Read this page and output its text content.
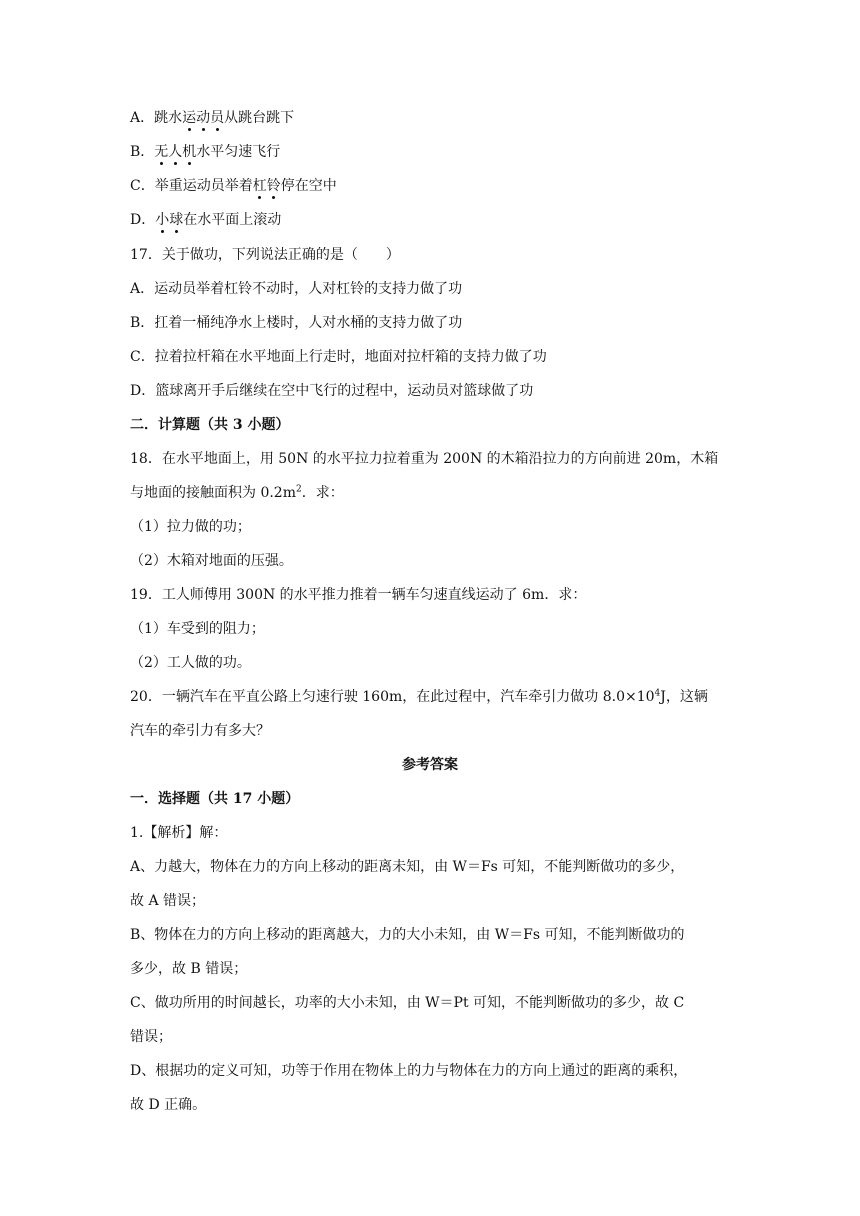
A．跳水运动员从跳台跳下
B．无人机水平匀速飞行
C．举重运动员举着杠铃停在空中
D．小球在水平面上滚动
17．关于做功，下列说法正确的是（　　）
A．运动员举着杠铃不动时，人对杠铃的支持力做了功
B．扛着一桶纯净水上楼时，人对水桶的支持力做了功
C．拉着拉杆箱在水平地面上行走时，地面对拉杆箱的支持力做了功
D．篮球离开手后继续在空中飞行的过程中，运动员对篮球做了功
二．计算题（共 3 小题）
18．在水平地面上，用 50N 的水平拉力拉着重为 200N 的木箱沿拉力的方向前进 20m，木箱
与地面的接触面积为 $0.2m^2$．求：
（1）拉力做的功；
（2）木箱对地面的压强。
19．工人师傅用 300N 的水平推力推着一辆车匀速直线运动了 6m．求：
（1）车受到的阻力；
（2）工人做的功。
20．一辆汽车在平直公路上匀速行驶 160m，在此过程中，汽车牵引力做功 $8.0\times 10^4J$，这辆
汽车的牵引力有多大？
参考答案
一．选择题（共 17 小题）
1.【解析】解：
A、力越大，物体在力的方向上移动的距离未知，由 W＝Fs 可知，不能判断做功的多少，
故 A 错误；
B、物体在力的方向上移动的距离越大，力的大小未知，由 W＝Fs 可知，不能判断做功的
多少，故 B 错误；
C、做功所用的时间越长，功率的大小未知，由 W＝Pt 可知，不能判断做功的多少，故 C
错误；
D、根据功的定义可知，功等于作用在物体上的力与物体在力的方向上通过的距离的乘积，
故 D 正确。
